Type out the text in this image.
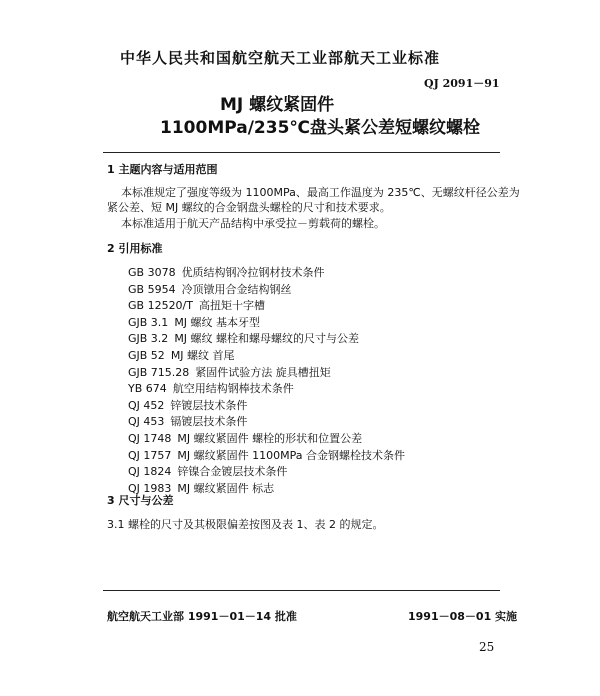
中华人民共和国航空航天工业部航天工业标准
QJ 2091－91
MJ 螺纹紧固件
1100MPa/235℃盘头紧公差短螺纹螺栓
1 主题内容与适用范围
本标准规定了强度等级为 1100MPa、最高工作温度为 235℃、无螺纹杆径公差为
紧公差、短 MJ 螺纹的合金钢盘头螺栓的尺寸和技术要求。
本标准适用于航天产品结构中承受拉－剪载荷的螺栓。
2 引用标准
GB 3078 优质结构钢冷拉钢材技术条件
GB 5954 冷顶镦用合金结构钢丝
GB 12520/T 高扭矩十字槽
GJB 3.1 MJ 螺纹 基本牙型
GJB 3.2 MJ 螺纹 螺栓和螺母螺纹的尺寸与公差
GJB 52 MJ 螺纹 首尾
GJB 715.28 紧固件试验方法 旋具槽扭矩
YB 674 航空用结构钢棒技术条件
QJ 452 锌镀层技术条件
QJ 453 镉镀层技术条件
QJ 1748 MJ 螺纹紧固件 螺栓的形状和位置公差
QJ 1757 MJ 螺纹紧固件 1100MPa 合金钢螺栓技术条件
QJ 1824 锌镍合金镀层技术条件
QJ 1983 MJ 螺纹紧固件 标志
3 尺寸与公差
3.1 螺栓的尺寸及其极限偏差按图及表 1、表 2 的规定。
航空航天工业部 1991－01－14 批准	1991－08－01 实施
25
